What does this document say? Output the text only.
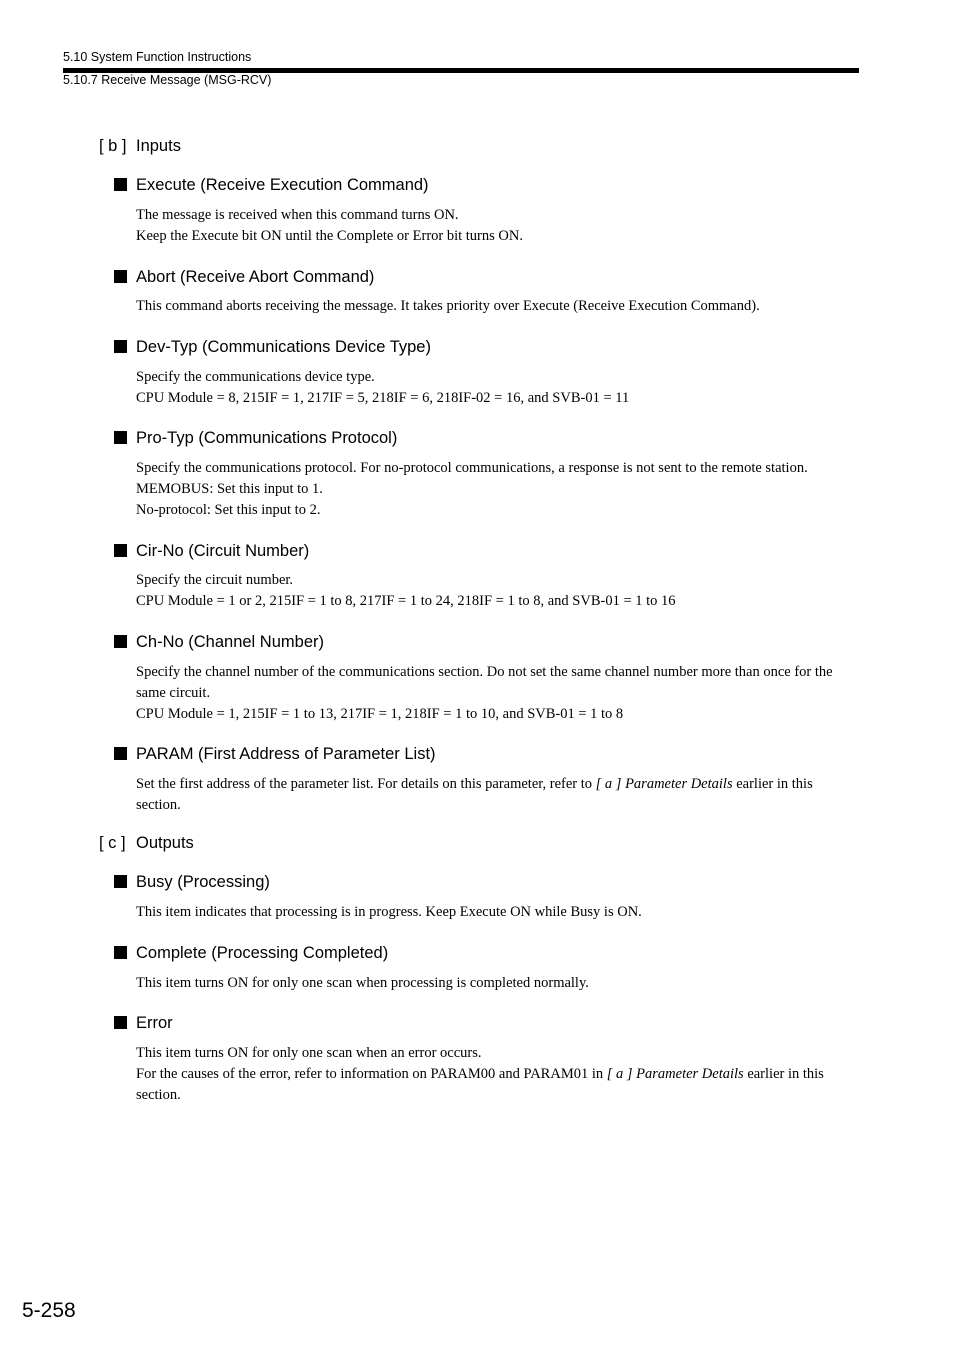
5.10 System Function Instructions
5.10.7 Receive Message (MSG-RCV)
[ b ] Inputs
Execute (Receive Execution Command)
The message is received when this command turns ON.
Keep the Execute bit ON until the Complete or Error bit turns ON.
Abort (Receive Abort Command)
This command aborts receiving the message. It takes priority over Execute (Receive Execution Command).
Dev-Typ (Communications Device Type)
Specify the communications device type.
CPU Module = 8, 215IF = 1, 217IF = 5, 218IF = 6, 218IF-02 = 16, and SVB-01 = 11
Pro-Typ (Communications Protocol)
Specify the communications protocol. For no-protocol communications, a response is not sent to the remote station.
MEMOBUS: Set this input to 1.
No-protocol: Set this input to 2.
Cir-No (Circuit Number)
Specify the circuit number.
CPU Module = 1 or 2, 215IF = 1 to 8, 217IF = 1 to 24, 218IF = 1 to 8, and SVB-01 = 1 to 16
Ch-No (Channel Number)
Specify the channel number of the communications section. Do not set the same channel number more than once for the same circuit.
CPU Module = 1, 215IF = 1 to 13, 217IF = 1, 218IF = 1 to 10, and SVB-01 = 1 to 8
PARAM (First Address of Parameter List)
Set the first address of the parameter list. For details on this parameter, refer to [ a ] Parameter Details earlier in this section.
[ c ] Outputs
Busy (Processing)
This item indicates that processing is in progress. Keep Execute ON while Busy is ON.
Complete (Processing Completed)
This item turns ON for only one scan when processing is completed normally.
Error
This item turns ON for only one scan when an error occurs.
For the causes of the error, refer to information on PARAM00 and PARAM01 in [ a ] Parameter Details earlier in this section.
5-258
